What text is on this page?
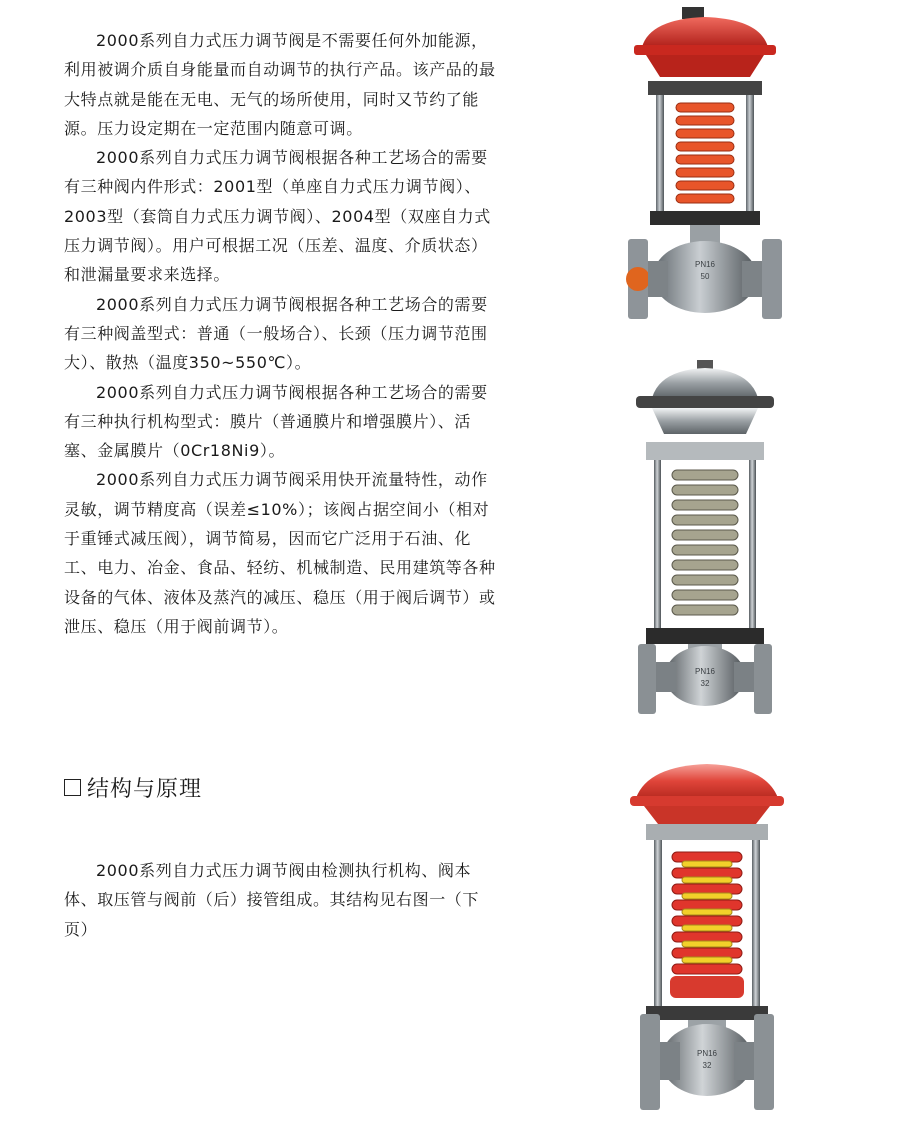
2000系列自力式压力调节阀是不需要任何外加能源，利用被调介质自身能量而自动调节的执行产品。该产品的最大特点就是能在无电、无气的场所使用，同时又节约了能源。压力设定期在一定范围内随意可调。

2000系列自力式压力调节阀根据各种工艺场合的需要有三种阀内件形式：2001型（单座自力式压力调节阀）、2003型（套筒自力式压力调节阀）、2004型（双座自力式压力调节阀）。用户可根据工况（压差、温度、介质状态）和泄漏量要求来选择。

2000系列自力式压力调节阀根据各种工艺场合的需要有三种阀盖型式：普通（一般场合）、长颈（压力调节范围大）、散热（温度350~550℃）。

2000系列自力式压力调节阀根据各种工艺场合的需要有三种执行机构型式：膜片（普通膜片和增强膜片）、活塞、金属膜片（0Cr18Ni9）。

2000系列自力式压力调节阀采用快开流量特性，动作灵敏，调节精度高（误差≤10%）；该阀占据空间小（相对于重锤式减压阀），调节简易，因而它广泛用于石油、化工、电力、冶金、食品、轻纺、机械制造、民用建筑等各种设备的气体、液体及蒸汽的减压、稳压（用于阀后调节）或泄压、稳压（用于阀前调节）。

结构与原理

2000系列自力式压力调节阀由检测执行机构、阀本体、取压管与阀前（后）接管组成。其结构见右图一（下页）

PN16
50
PN16
32
PN16
32
